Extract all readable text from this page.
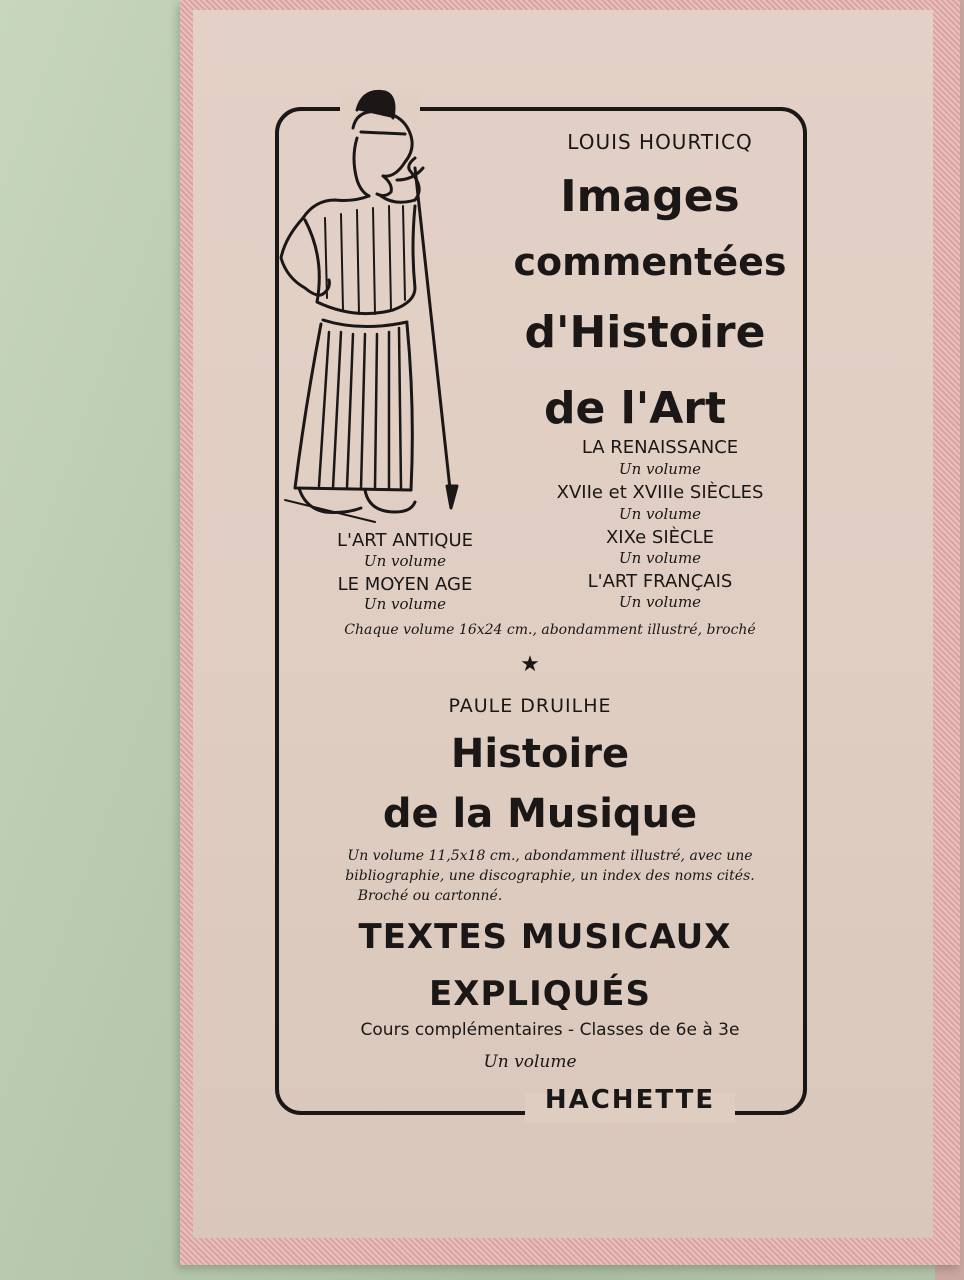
LOUIS HOURTICQ
Images
commentées
d'Histoire
de l'Art
LA RENAISSANCE
Un volume
XVIIe et XVIIIe SIÈCLES
Un volume
XIXe SIÈCLE
Un volume
L'ART FRANÇAIS
Un volume
L'ART ANTIQUE
Un volume
LE MOYEN AGE
Un volume
Chaque volume 16x24 cm., abondamment illustré, broché
★
PAULE DRUILHE
Histoire
de la Musique
Un volume 11,5x18 cm., abondamment illustré, avec une
bibliographie, une discographie, un index des noms cités.
Broché ou cartonné.
TEXTES MUSICAUX
EXPLIQUÉS
Cours complémentaires - Classes de 6e à 3e
Un volume
HACHETTE
